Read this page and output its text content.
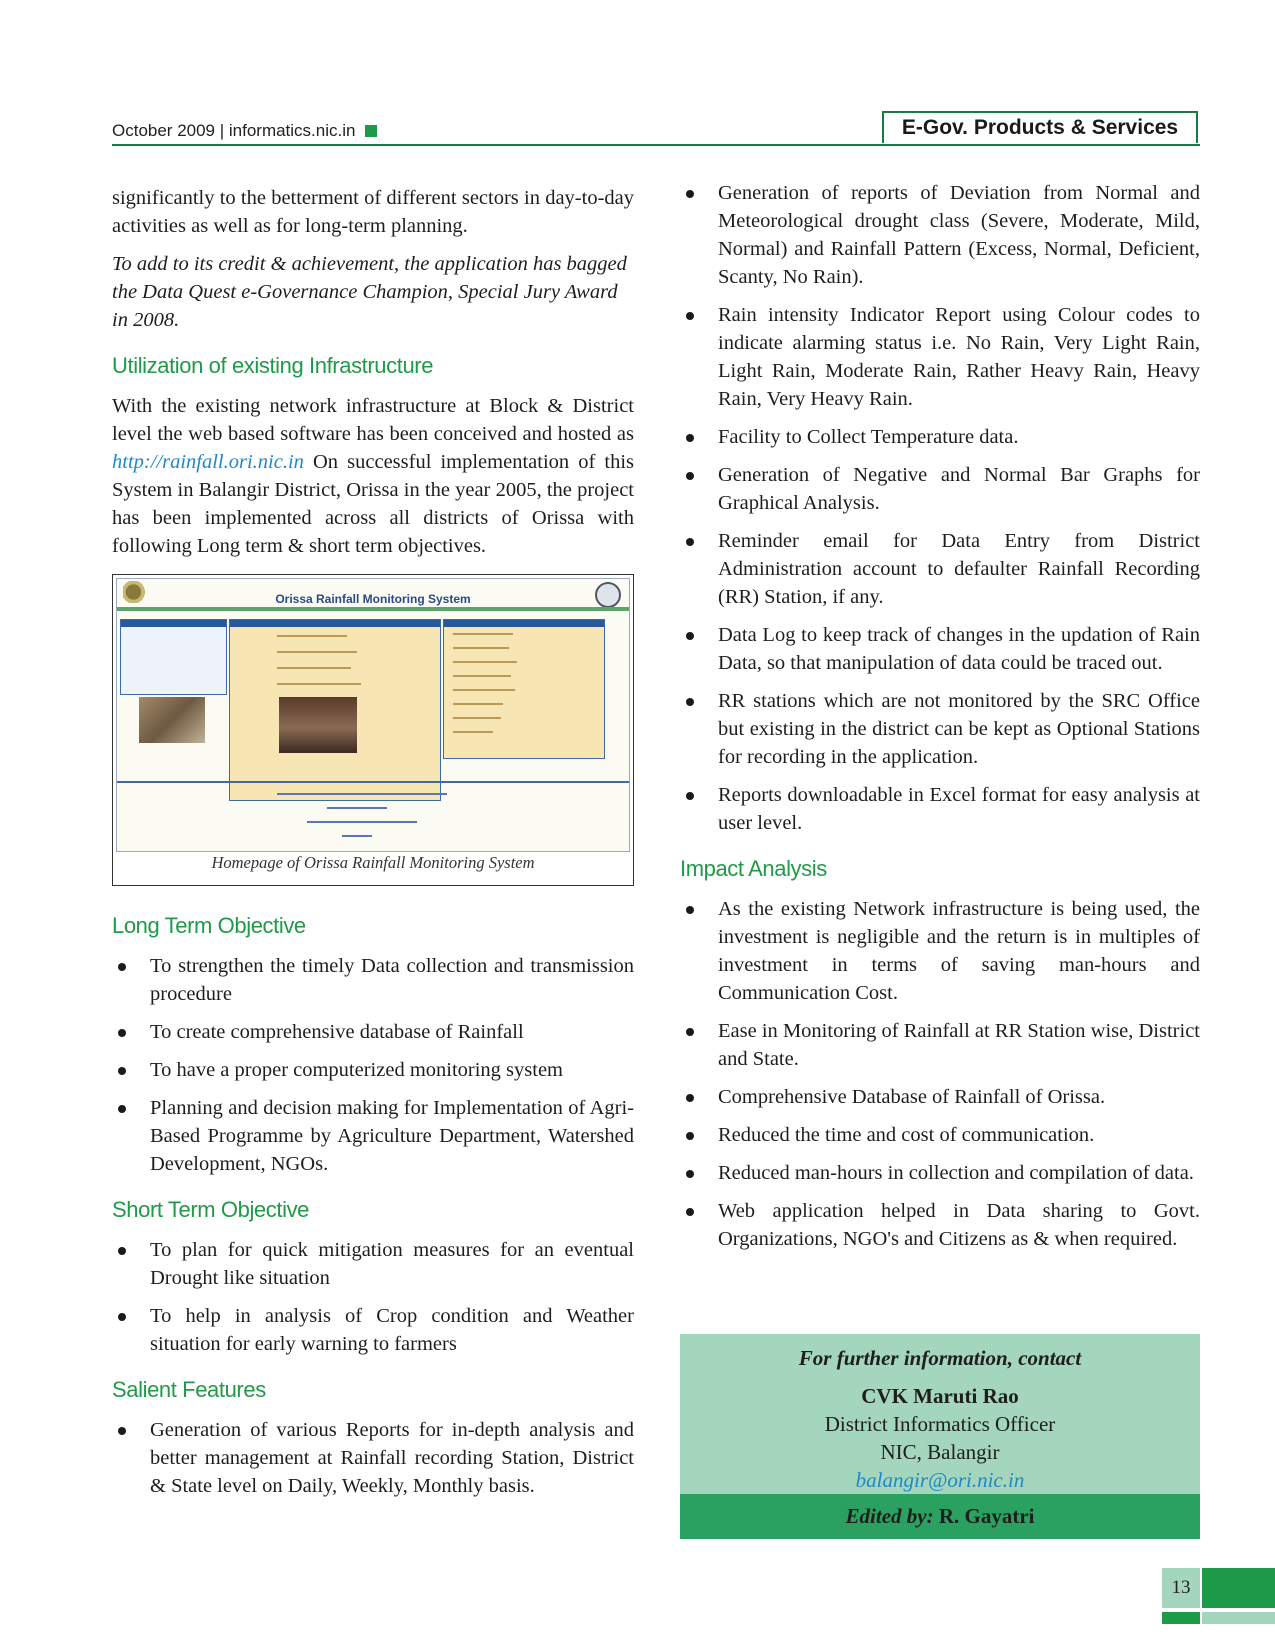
October 2009 | informatics.nic.in	E-Gov. Products & Services

significantly to the betterment of different sectors in day-to-day activities as well as for long-term planning.

To add to its credit & achievement, the application has bagged the Data Quest e-Governance Champion, Special Jury Award in 2008.

Utilization of existing Infrastructure

With the existing network infrastructure at Block & District level the web based software has been conceived and hosted as http://rainfall.ori.nic.in On successful implementation of this System in Balangir District, Orissa in the year 2005, the project has been implemented across all districts of Orissa with following Long term & short term objectives.

Orissa Rainfall Monitoring System
Homepage of Orissa Rainfall Monitoring System
Long Term Objective
To strengthen the timely Data collection and transmission procedure
To create comprehensive database of Rainfall
To have a proper computerized monitoring system
Planning and decision making for Implementation of Agri-Based Programme by Agriculture Department, Watershed Development, NGOs.
Short Term Objective
To plan for quick mitigation measures for an eventual Drought like situation
To help in analysis of Crop condition and Weather situation for early warning to farmers
Salient Features
Generation of various Reports for in-depth analysis and better management at Rainfall recording Station, District & State level on Daily, Weekly, Monthly basis.
Generation of reports of Deviation from Normal and Meteorological drought class (Severe, Moderate, Mild, Normal) and Rainfall Pattern (Excess, Normal, Deficient, Scanty, No Rain).
Rain intensity Indicator Report using Colour codes to indicate alarming status i.e. No Rain, Very Light Rain, Light Rain, Moderate Rain, Rather Heavy Rain, Heavy Rain, Very Heavy Rain.
Facility to Collect Temperature data.
Generation of Negative and Normal Bar Graphs for Graphical Analysis.
Reminder email for Data Entry from District Administration account to defaulter Rainfall Recording (RR) Station, if any.
Data Log to keep track of changes in the updation of Rain Data, so that manipulation of data could be traced out.
RR stations which are not monitored by the SRC Office but existing in the district can be kept as Optional Stations for recording in the application.
Reports downloadable in Excel format for easy analysis at user level.
Impact Analysis
As the existing Network infrastructure is being used, the investment is negligible and the return is in multiples of investment in terms of saving man-hours and Communication Cost.
Ease in Monitoring of Rainfall at RR Station wise, District and State.
Comprehensive Database of Rainfall of Orissa.
Reduced the time and cost of communication.
Reduced man-hours in collection and compilation of data.
Web application helped in Data sharing to Govt. Organizations, NGO's and Citizens as & when required.
For further information, contact
CVK Maruti Rao
District Informatics Officer
NIC, Balangir
balangir@ori.nic.in
Edited by: R. Gayatri
13
